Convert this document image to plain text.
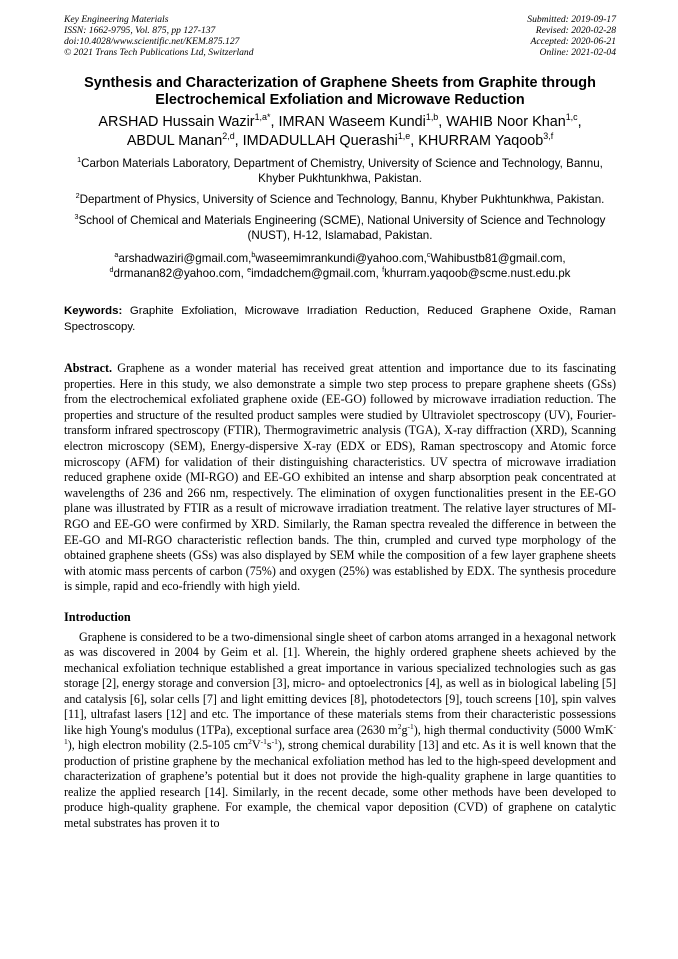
Key Engineering Materials
ISSN: 1662-9795, Vol. 875, pp 127-137
doi:10.4028/www.scientific.net/KEM.875.127
© 2021 Trans Tech Publications Ltd, Switzerland
Submitted: 2019-09-17
Revised: 2020-02-28
Accepted: 2020-06-21
Online: 2021-02-04
Synthesis and Characterization of Graphene Sheets from Graphite through Electrochemical Exfoliation and Microwave Reduction
ARSHAD Hussain Wazir$^{1,a*}$, IMRAN Waseem Kundi$^{1,b}$, WAHIB Noor Khan$^{1,c}$,
ABDUL Manan$^{2,d}$, IMDADULLAH Querashi$^{1,e}$, KHURRAM Yaqoob$^{3,f}$
$^1$Carbon Materials Laboratory, Department of Chemistry, University of Science and Technology, Bannu, Khyber Pukhtunkhwa, Pakistan.
$^2$Department of Physics, University of Science and Technology, Bannu, Khyber Pukhtunkhwa, Pakistan.
$^3$School of Chemical and Materials Engineering (SCME), National University of Science and Technology (NUST), H-12, Islamabad, Pakistan.
$^a$arshadwaziri@gmail.com,$^b$waseemimrankundi@yahoo.com,$^c$Wahibustb81@gmail.com,
$^d$drmanan82@yahoo.com, $^e$imdadchem@gmail.com, $^f$khurram.yaqoob@scme.nust.edu.pk
Keywords: Graphite Exfoliation, Microwave Irradiation Reduction, Reduced Graphene Oxide, Raman Spectroscopy.
Abstract. Graphene as a wonder material has received great attention and importance due to its fascinating properties. Here in this study, we also demonstrate a simple two step process to prepare graphene sheets (GSs) from the electrochemical exfoliated graphene oxide (EE-GO) followed by microwave irradiation reduction. The properties and structure of the resulted product samples were studied by Ultraviolet spectroscopy (UV), Fourier-transform infrared spectroscopy (FTIR), Thermogravimetric analysis (TGA), X-ray diffraction (XRD), Scanning electron microscopy (SEM), Energy-dispersive X-ray (EDX or EDS), Raman spectroscopy and Atomic force microscopy (AFM) for validation of their distinguishing characteristics. UV spectra of microwave irradiation reduced graphene oxide (MI-RGO) and EE-GO exhibited an intense and sharp absorption peak concentrated at wavelengths of 236 and 266 nm, respectively. The elimination of oxygen functionalities present in the EE-GO plane was illustrated by FTIR as a result of microwave irradiation treatment. The relative layer structures of MI-RGO and EE-GO were confirmed by XRD. Similarly, the Raman spectra revealed the difference in between the EE-GO and MI-RGO characteristic reflection bands. The thin, crumpled and curved type morphology of the obtained graphene sheets (GSs) was also displayed by SEM while the composition of a few layer graphene sheets with atomic mass percents of carbon (75%) and oxygen (25%) was established by EDX. The synthesis procedure is simple, rapid and eco-friendly with high yield.
Introduction
Graphene is considered to be a two-dimensional single sheet of carbon atoms arranged in a hexagonal network as was discovered in 2004 by Geim et al. [1]. Wherein, the highly ordered graphene sheets achieved by the mechanical exfoliation technique established a great importance in various specialized technologies such as gas storage [2], energy storage and conversion [3], micro- and optoelectronics [4], as well as in biological labeling [5] and catalysis [6], solar cells [7] and light emitting devices [8], photodetectors [9], touch screens [10], spin valves [11], ultrafast lasers [12] and etc. The importance of these materials stems from their characteristic possessions like high Young's modulus (1TPa), exceptional surface area (2630 $m^2g^{-1}$), high thermal conductivity (5000 WmK$^{-1}$), high electron mobility (2.5-105 $cm^2V^{-1}s^{-1}$), strong chemical durability [13] and etc. As it is well known that the production of pristine graphene by the mechanical exfoliation method has led to the high-speed development and characterization of graphene’s potential but it does not provide the high-quality graphene in large quantities to realize the applied research [14]. Similarly, in the recent decade, some other methods have been developed to produce high-quality graphene. For example, the chemical vapor deposition (CVD) of graphene on catalytic metal substrates has proven it to
